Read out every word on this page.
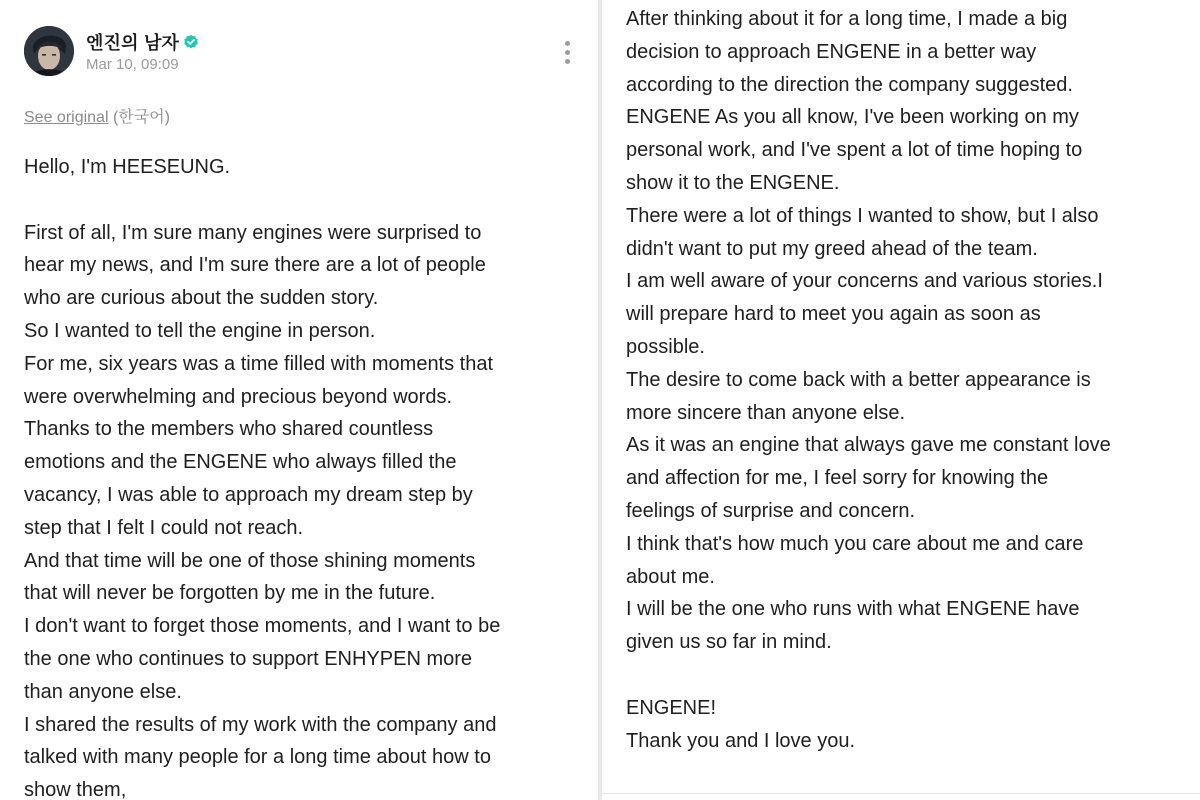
엔진의 남자
Mar 10, 09:09
See original (한국어)
Hello, I'm HEESEUNG.
First of all, I'm sure many engines were surprised to
hear my news, and I'm sure there are a lot of people
who are curious about the sudden story.
So I wanted to tell the engine in person.
For me, six years was a time filled with moments that
were overwhelming and precious beyond words.
Thanks to the members who shared countless
emotions and the ENGENE who always filled the
vacancy, I was able to approach my dream step by
step that I felt I could not reach.
And that time will be one of those shining moments
that will never be forgotten by me in the future.
I don't want to forget those moments, and I want to be
the one who continues to support ENHYPEN more
than anyone else.
I shared the results of my work with the company and
talked with many people for a long time about how to
show them,
After thinking about it for a long time, I made a big
decision to approach ENGENE in a better way
according to the direction the company suggested.
ENGENE As you all know, I've been working on my
personal work, and I've spent a lot of time hoping to
show it to the ENGENE.
There were a lot of things I wanted to show, but I also
didn't want to put my greed ahead of the team.
I am well aware of your concerns and various stories.I
will prepare hard to meet you again as soon as
possible.
The desire to come back with a better appearance is
more sincere than anyone else.
As it was an engine that always gave me constant love
and affection for me, I feel sorry for knowing the
feelings of surprise and concern.
I think that's how much you care about me and care
about me.
I will be the one who runs with what ENGENE have
given us so far in mind.
ENGENE!
Thank you and I love you.
